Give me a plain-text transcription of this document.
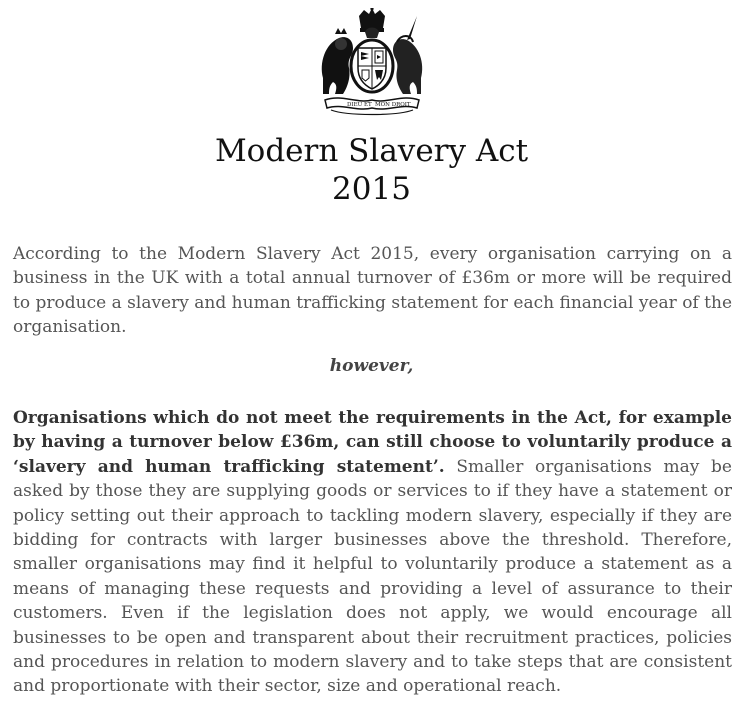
DIEU ET MON DROIT
Modern Slavery Act
2015

According to the Modern Slavery Act 2015, every organisation carrying on a business in the UK with a total annual turnover of £36m or more will be required to produce a slavery and human trafficking statement for each financial year of the organisation.

however,

Organisations which do not meet the requirements in the Act, for example by having a turnover below £36m, can still choose to voluntarily produce a ‘slavery and human trafficking statement’. Smaller organisations may be asked by those they are supplying goods or services to if they have a statement or policy setting out their approach to tackling modern slavery, especially if they are bidding for contracts with larger businesses above the threshold. Therefore, smaller organisations may find it helpful to voluntarily produce a statement as a means of managing these requests and providing a level of assurance to their customers. Even if the legislation does not apply, we would encourage all businesses to be open and transparent about their recruitment practices, policies and procedures in relation to modern slavery and to take steps that are consistent and proportionate with their sector, size and operational reach.
